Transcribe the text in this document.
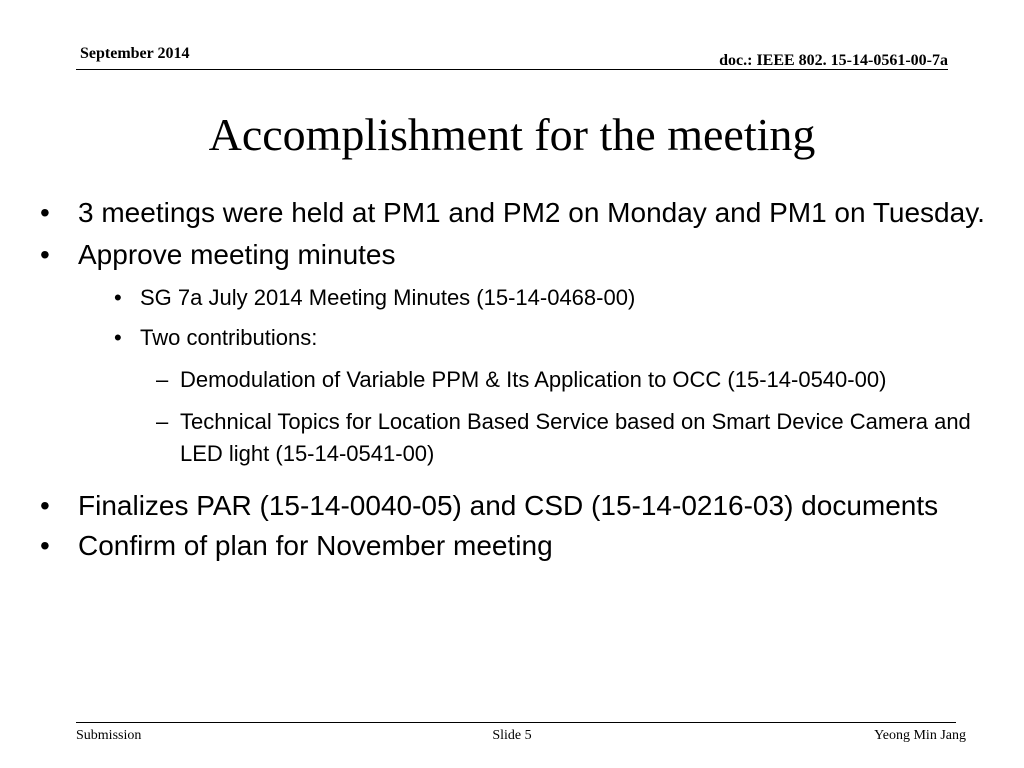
September 2014	doc.: IEEE 802. 15-14-0561-00-7a
Accomplishment for the meeting
• 3 meetings were held at PM1 and PM2 on Monday and PM1 on Tuesday.
• Approve meeting minutes
• SG 7a July 2014 Meeting Minutes (15-14-0468-00)
• Two contributions:
– Demodulation of Variable PPM & Its Application to OCC (15-14-0540-00)
– Technical Topics for Location Based Service based on Smart Device Camera and LED light (15-14-0541-00)
• Finalizes PAR (15-14-0040-05) and CSD (15-14-0216-03) documents
• Confirm of plan for November meeting
Submission	Slide 5	Yeong Min Jang
